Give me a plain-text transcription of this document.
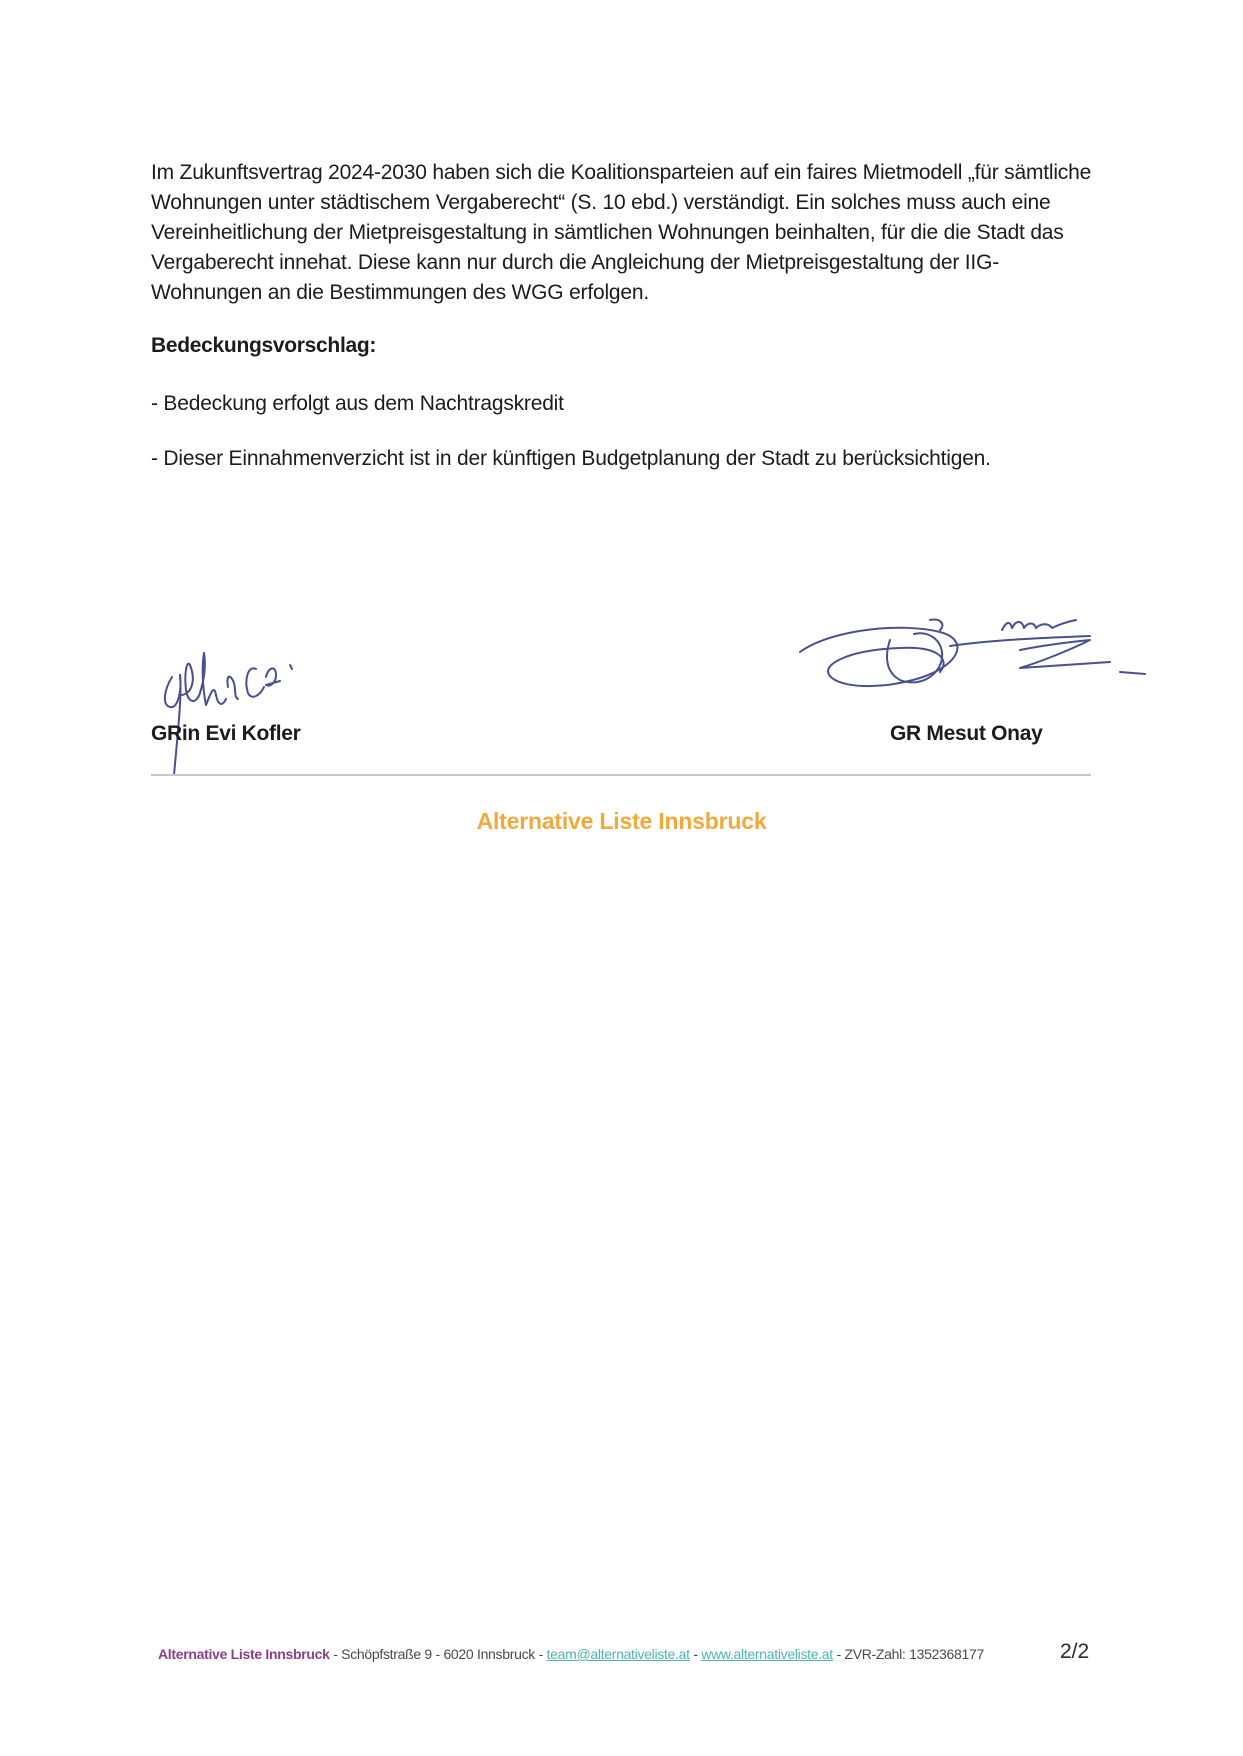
Im Zukunftsvertrag 2024-2030 haben sich die Koalitionsparteien auf ein faires Mietmodell „für sämtliche Wohnungen unter städtischem Vergaberecht“ (S. 10 ebd.) verständigt. Ein solches muss auch eine Vereinheitlichung der Mietpreisgestaltung in sämtlichen Wohnungen beinhalten, für die die Stadt das Vergaberecht innehat. Diese kann nur durch die Angleichung der Mietpreisgestaltung der IIG-Wohnungen an die Bestimmungen des WGG erfolgen.

Bedeckungsvorschlag:

- Bedeckung erfolgt aus dem Nachtragskredit

- Dieser Einnahmenverzicht ist in der künftigen Budgetplanung der Stadt zu berücksichtigen.

GRin Evi Kofler	GR Mesut Onay

Alternative Liste Innsbruck

Alternative Liste Innsbruck - Schöpfstraße 9 - 6020 Innsbruck - team@alternativeliste.at - www.alternativeliste.at - ZVR-Zahl: 1352368177	2/2
